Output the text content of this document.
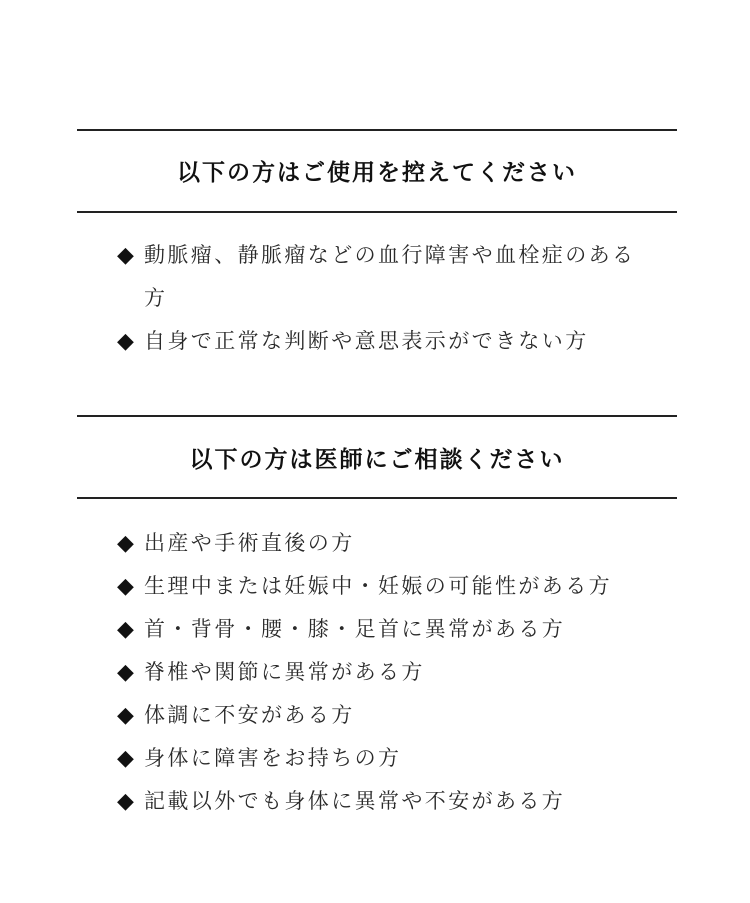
以下の方はご使用を控えてください
◆ 動脈瘤、静脈瘤などの血行障害や血栓症のある方
◆ 自身で正常な判断や意思表示ができない方
以下の方は医師にご相談ください
◆ 出産や手術直後の方
◆ 生理中または妊娠中・妊娠の可能性がある方
◆ 首・背骨・腰・膝・足首に異常がある方
◆ 脊椎や関節に異常がある方
◆ 体調に不安がある方
◆ 身体に障害をお持ちの方
◆ 記載以外でも身体に異常や不安がある方
